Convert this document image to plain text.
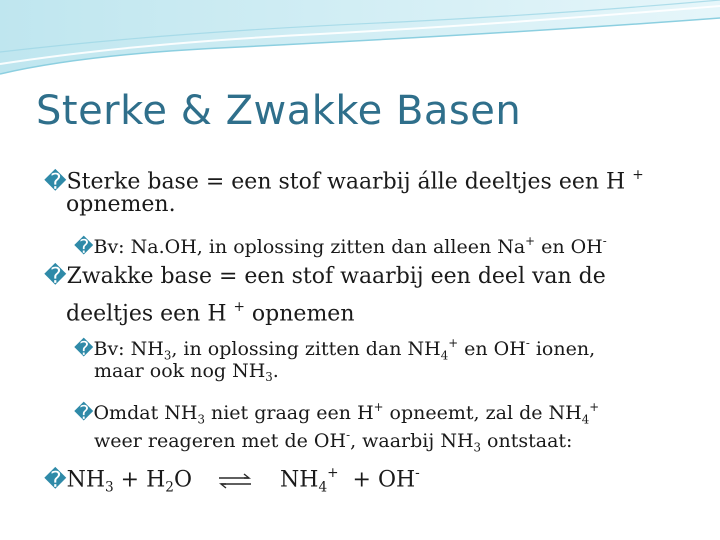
Sterke & Zwakke Basen
�Sterke base = een stof waarbij álle deeltjes een H +
opnemen.
�Bv: Na.OH, in oplossing zitten dan alleen Na+ en OH-
�Zwakke base = een stof waarbij een deel van de
deeltjes een H + opnemen
�Bv: $NH_3$, in oplossing zitten dan $NH_4^+$ en OH- ionen,
maar ook nog $NH_3$.
�Omdat $NH_3$ niet graag een H+ opneemt, zal de $NH_4^+$
weer reageren met de OH-, waarbij $NH_3$ ontstaat:
$�NH_3 + H_2O$ ⇌ $NH_4^+ + OH^-$
